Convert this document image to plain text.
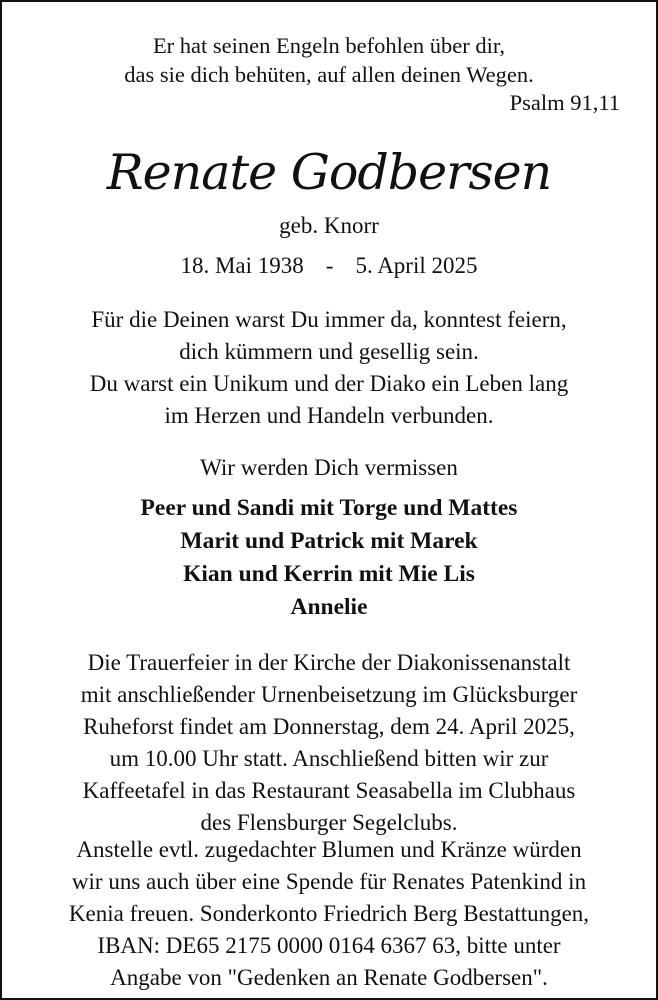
Er hat seinen Engeln befohlen über dir,
das sie dich behüten, auf allen deinen Wegen.
Psalm 91,11
Renate Godbersen
geb. Knorr
18. Mai 1938 - 5. April 2025
Für die Deinen warst Du immer da, konntest feiern,
dich kümmern und gesellig sein.
Du warst ein Unikum und der Diako ein Leben lang
im Herzen und Handeln verbunden.
Wir werden Dich vermissen
Peer und Sandi mit Torge und Mattes
Marit und Patrick mit Marek
Kian und Kerrin mit Mie Lis
Annelie
Die Trauerfeier in der Kirche der Diakonissenanstalt
mit anschließender Urnenbeisetzung im Glücksburger
Ruheforst findet am Donnerstag, dem 24. April 2025,
um 10.00 Uhr statt. Anschließend bitten wir zur
Kaffeetafel in das Restaurant Seasabella im Clubhaus
des Flensburger Segelclubs.
Anstelle evtl. zugedachter Blumen und Kränze würden
wir uns auch über eine Spende für Renates Patenkind in
Kenia freuen. Sonderkonto Friedrich Berg Bestattungen,
IBAN: DE65 2175 0000 0164 6367 63, bitte unter
Angabe von "Gedenken an Renate Godbersen".
